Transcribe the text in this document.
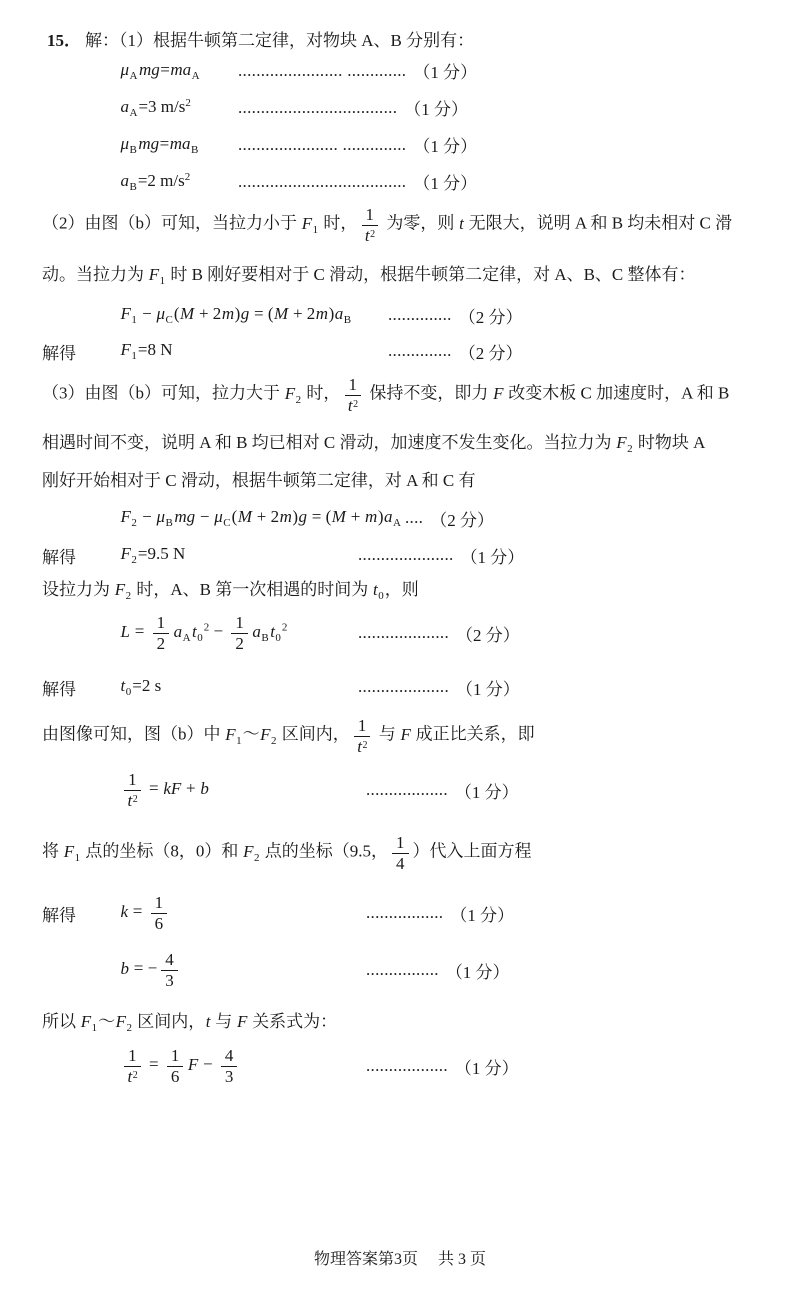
15． 解：（1）根据牛顿第二定律，对物块 A、B 分别有：
$\mu_Amg=ma_A$	....................... ............. （1 分）
$a_A=3$ $m/s^2$	................................... （1 分）
$\mu_Bmg=ma_B$	...................... .............. （1 分）
$a_B=2$ $m/s^2$	..................................... （1 分）
（2）由图（b）可知，当拉力小于 $F_1$ 时， $\frac{1}{t^2}$ 为零，则 t 无限大，说明 A 和 B 均未相对 C 滑
动。当拉力为 $F_1$ 时 B 刚好要相对于 C 滑动，根据牛顿第二定律，对 A、B、C 整体有：
$F_1 - \mu_C(M + 2m)g = (M + 2m)a_B$	.............. （2 分）
解得	$F_1=8$ N	.............. （2 分）
（3）由图（b）可知，拉力大于 $F_2$ 时， $\frac{1}{t^2}$ 保持不变，即力 F 改变木板 C 加速度时，A 和 B
相遇时间不变，说明 A 和 B 均已相对 C 滑动，加速度不发生变化。当拉力为 $F_2$ 时物块 A
刚好开始相对于 C 滑动，根据牛顿第二定律，对 A 和 C 有
$F_2 - \mu_Bmg - \mu_C(M + 2m)g = (M + m)a_A$ .... （2 分）
解得	$F_2=9.5$ N	..................... （1 分）
设拉力为 $F_2$ 时，A、B 第一次相遇的时间为 $t_0$，则
$L = \frac{1}{2} a_At_0^2 - \frac{1}{2} a_Bt_0^2$	.................... （2 分）
解得	$t_0=2$ s	.................... （1 分）
由图像可知，图（b）中 $F_1\sim F_2$ 区间内， $\frac{1}{t^2}$ 与 F 成正比关系，即
$\frac{1}{t^2}$ = kF + b	.................. （1 分）
将 $F_1$ 点的坐标（8，0）和 $F_2$ 点的坐标（9.5， $\frac{1}{4}$ ）代入上面方程
解得	$k = \frac{1}{6}$	................. （1 分）
b = − $\frac{4}{3}$	................ （1 分）
所以 $F_1\sim F_2$ 区间内，t 与 F 关系式为：
$\frac{1}{t^2} = \frac{1}{6}$ $F - \frac{4}{3}$	.................. （1 分）
物理答案第3页 共 3 页
